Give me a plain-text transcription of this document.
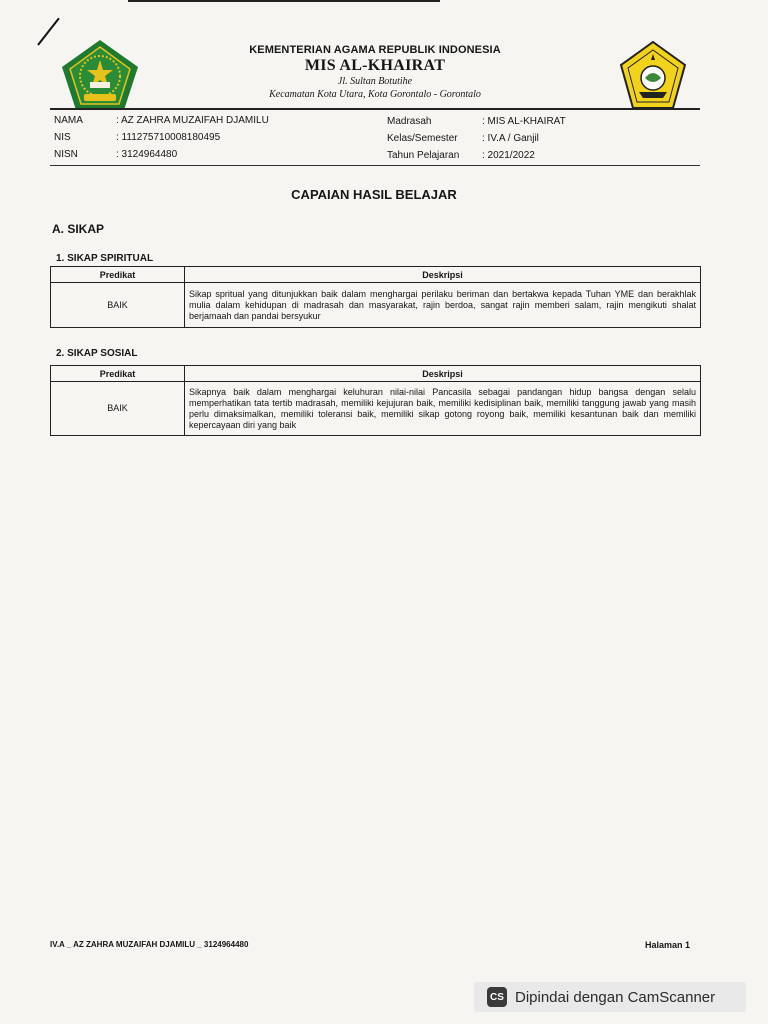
KEMENTERIAN AGAMA REPUBLIK INDONESIA
MIS AL-KHAIRAT
Jl. Sultan Botutihe
Kecamatan Kota Utara, Kota Gorontalo - Gorontalo
NAMA	: AZ ZAHRA MUZAIFAH DJAMILU
NIS	: 111275710008180495
NISN	: 3124964480
Madrasah	: MIS AL-KHAIRAT
Kelas/Semester : IV.A / Ganjil
Tahun Pelajaran : 2021/2022
CAPAIAN HASIL BELAJAR
A. SIKAP
1. SIKAP SPIRITUAL
Predikat	Deskripsi
BAIK	Sikap spritual yang ditunjukkan baik dalam menghargai perilaku beriman dan bertakwa kepada Tuhan YME dan berakhlak mulia dalam kehidupan di madrasah dan masyarakat, rajin berdoa, sangat rajin memberi salam, rajin mengikuti shalat berjamaah dan pandai bersyukur
2. SIKAP SOSIAL
Predikat	Deskripsi
BAIK	Sikapnya baik dalam menghargai keluhuran nilai-nilai Pancasila sebagai pandangan hidup bangsa dengan selalu memperhatikan tata tertib madrasah, memiliki kejujuran baik, memiliki kedisiplinan baik, memiliki tanggung jawab yang masih perlu dimaksimalkan, memiliki toleransi baik, memiliki sikap gotong royong baik, memiliki kesantunan baik dan memiliki kepercayaan diri yang baik
IV.A _ AZ ZAHRA MUZAIFAH DJAMILU _ 3124964480	Halaman 1
CS Dipindai dengan CamScanner
